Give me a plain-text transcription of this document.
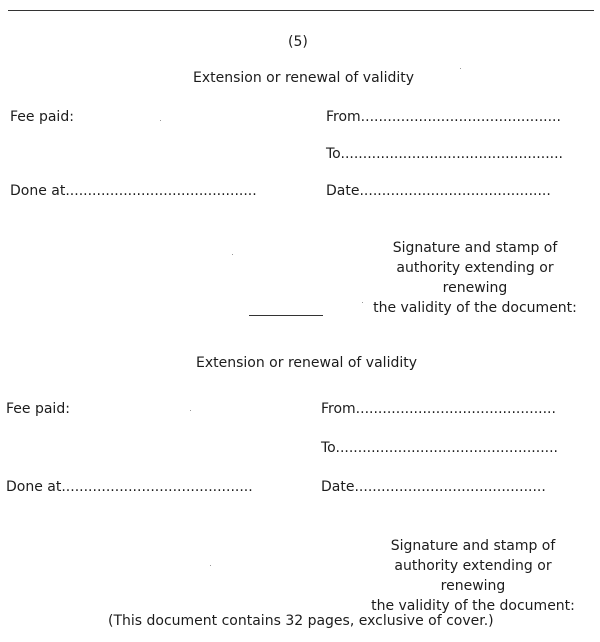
(5)
Extension or renewal of validity
Fee paid:	From.............................................
To..................................................
Done at...........................................	Date...........................................
Signature and stamp of
authority extending or renewing
the validity of the document:
Extension or renewal of validity
Fee paid:	From.............................................
To..................................................
Done at...........................................	Date...........................................
Signature and stamp of
authority extending or renewing
the validity of the document:
(This document contains 32 pages, exclusive of cover.)
